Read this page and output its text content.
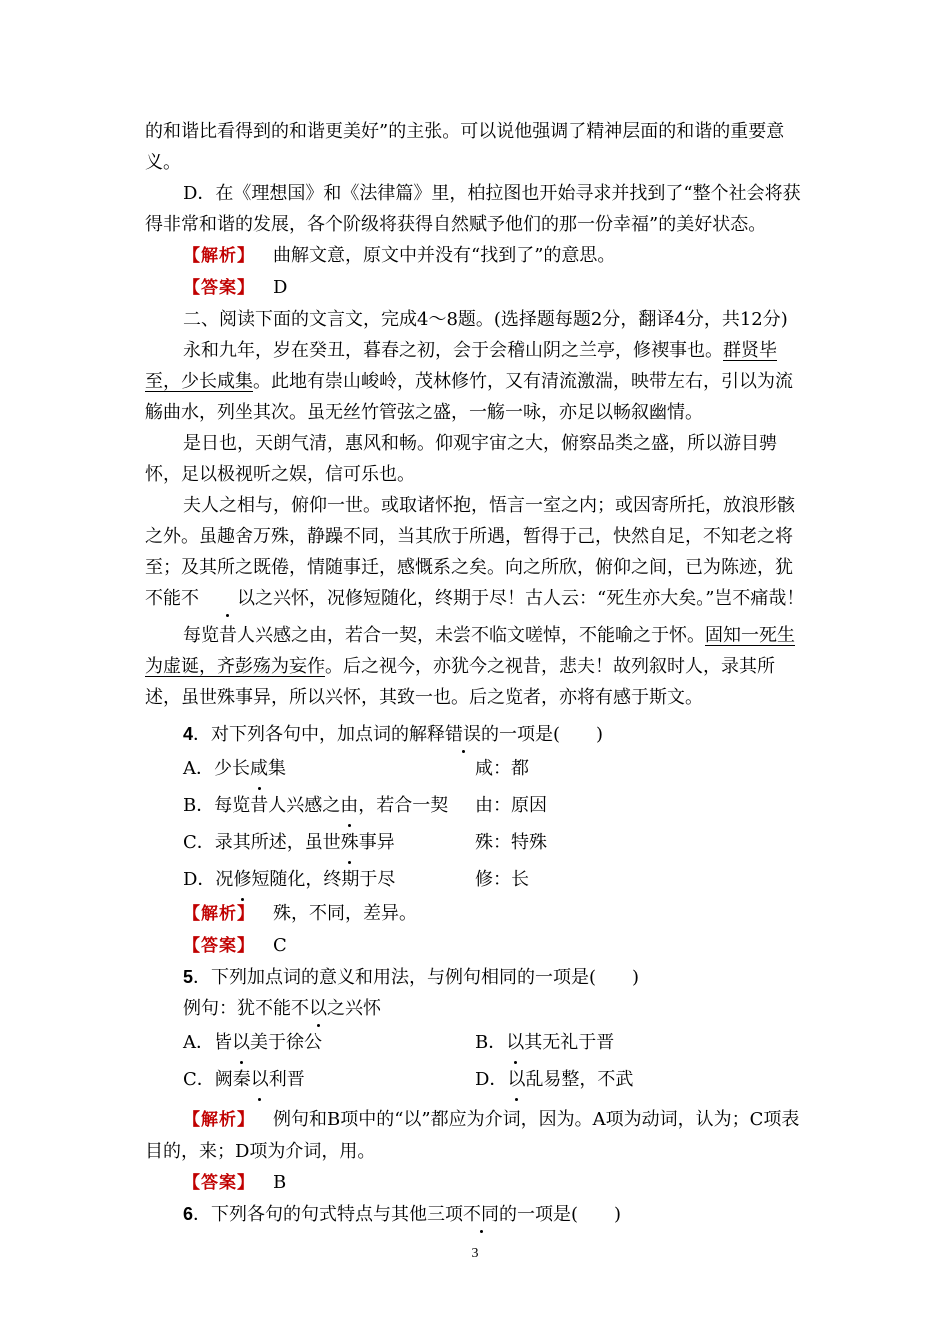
的和谐比看得到的和谐更美好”的主张。可以说他强调了精神层面的和谐的重要意义。

D．在《理想国》和《法律篇》里，柏拉图也开始寻求并找到了“整个社会将获得非常和谐的发展，各个阶级将获得自然赋予他们的那一份幸福”的美好状态。

【解析】 曲解文意，原文中并没有“找到了”的意思。

【答案】 D

二、阅读下面的文言文，完成4～8题。(选择题每题2分，翻译4分，共12分)

永和九年，岁在癸丑，暮春之初，会于会稽山阴之兰亭，修禊事也。群贤毕至，少长咸集。此地有崇山峻岭，茂林修竹，又有清流激湍，映带左右，引以为流觞曲水，列坐其次。虽无丝竹管弦之盛，一觞一咏，亦足以畅叙幽情。

是日也，天朗气清，惠风和畅。仰观宇宙之大，俯察品类之盛，所以游目骋怀，足以极视听之娱，信可乐也。

夫人之相与，俯仰一世。或取诸怀抱，悟言一室之内；或因寄所托，放浪形骸之外。虽趣舍万殊，静躁不同，当其欣于所遇，暂得于己，快然自足，不知老之将至；及其所之既倦，情随事迁，感慨系之矣。向之所欣，俯仰之间，已为陈迹，犹不能不 以之兴怀，况修短随化，终期于尽！古人云：“死生亦大矣。”岂不痛哉！

每览昔人兴感之由，若合一契，未尝不临文嗟悼，不能喻之于怀。固知一死生为虚诞，齐彭殇为妄作。后之视今，亦犹今之视昔，悲夫！故列叙时人，录其所述，虽世殊事异，所以兴怀，其致一也。后之览者，亦将有感于斯文。

4．对下列各句中，加点词的解释错误的一项是(　　)

A．少长咸集	咸：都
B．每览昔人兴感之由，若合一契	由：原因
C．录其所述，虽世殊事异	殊：特殊
D．况修短随化，终期于尽	修：长

【解析】 殊，不同，差异。

【答案】 C

5．下列加点词的意义和用法，与例句相同的一项是(　　)

例句：犹不能不以之兴怀

A．皆以美于徐公	B．以其无礼于晋
C．阙秦以利晋	D．以乱易整，不武

【解析】 例句和B项中的“以”都应为介词，因为。A项为动词，认为；C项表目的，来；D项为介词，用。

【答案】 B

6．下列各句的句式特点与其他三项不同的一项是(　　)

3
